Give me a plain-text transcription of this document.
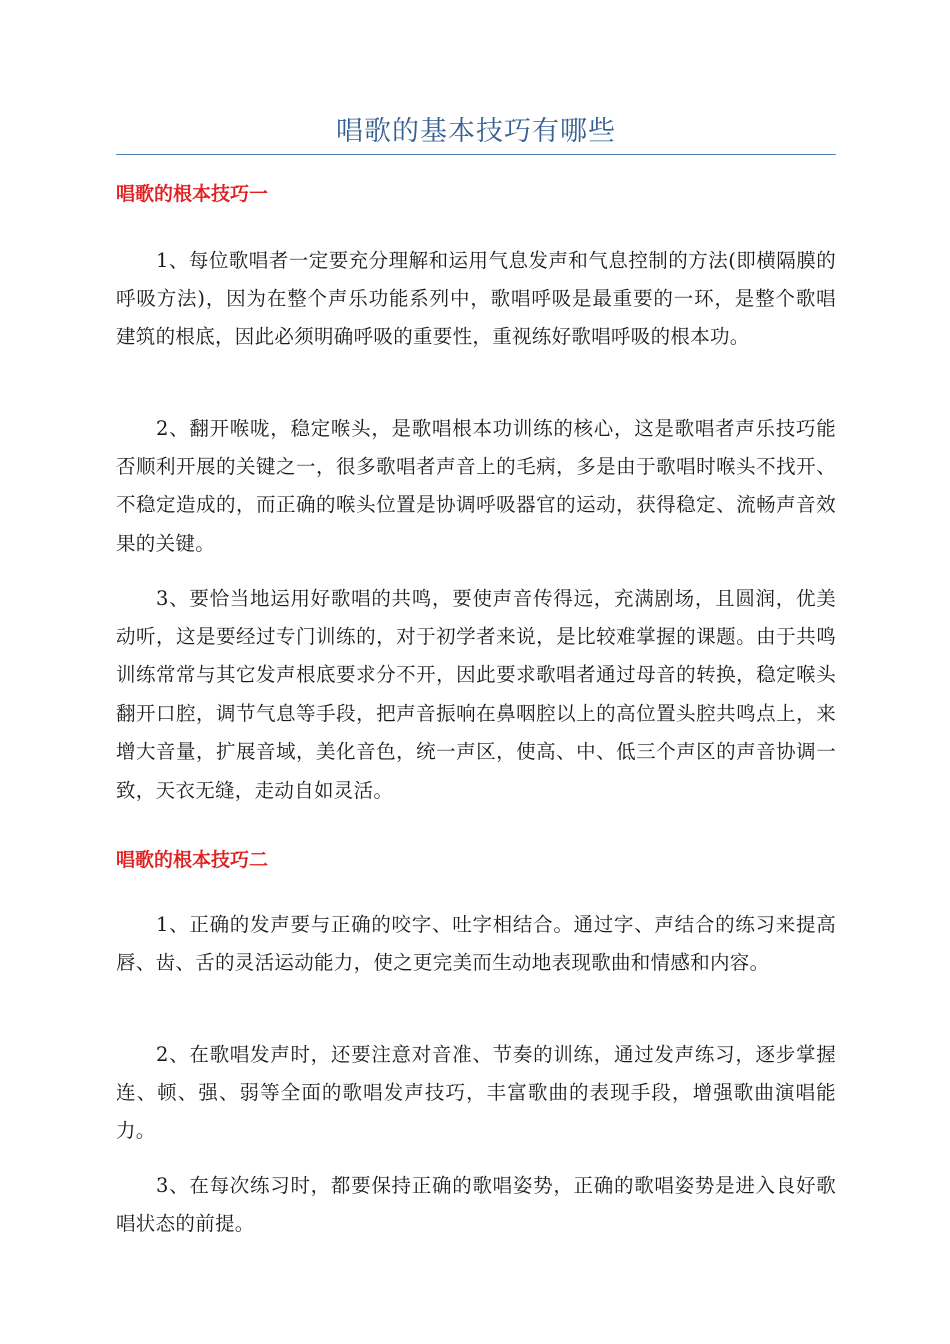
唱歌的基本技巧有哪些
唱歌的根本技巧一

1、每位歌唱者一定要充分理解和运用气息发声和气息控制的方法(即横隔膜的呼吸方法)，因为在整个声乐功能系列中，歌唱呼吸是最重要的一环，是整个歌唱建筑的根底，因此必须明确呼吸的重要性，重视练好歌唱呼吸的根本功。

2、翻开喉咙，稳定喉头，是歌唱根本功训练的核心，这是歌唱者声乐技巧能否顺利开展的关键之一，很多歌唱者声音上的毛病，多是由于歌唱时喉头不找开、不稳定造成的，而正确的喉头位置是协调呼吸器官的运动，获得稳定、流畅声音效果的关键。

3、要恰当地运用好歌唱的共鸣，要使声音传得远，充满剧场，且圆润，优美动听，这是要经过专门训练的，对于初学者来说，是比较难掌握的课题。由于共鸣训练常常与其它发声根底要求分不开，因此要求歌唱者通过母音的转换，稳定喉头翻开口腔，调节气息等手段，把声音振响在鼻咽腔以上的高位置头腔共鸣点上，来增大音量，扩展音域，美化音色，统一声区，使高、中、低三个声区的声音协调一致，天衣无缝，走动自如灵活。

唱歌的根本技巧二

1、正确的发声要与正确的咬字、吐字相结合。通过字、声结合的练习来提高唇、齿、舌的灵活运动能力，使之更完美而生动地表现歌曲和情感和内容。

2、在歌唱发声时，还要注意对音准、节奏的训练，通过发声练习，逐步掌握连、顿、强、弱等全面的歌唱发声技巧，丰富歌曲的表现手段，增强歌曲演唱能力。

3、在每次练习时，都要保持正确的歌唱姿势，正确的歌唱姿势是进入良好歌唱状态的前提。
